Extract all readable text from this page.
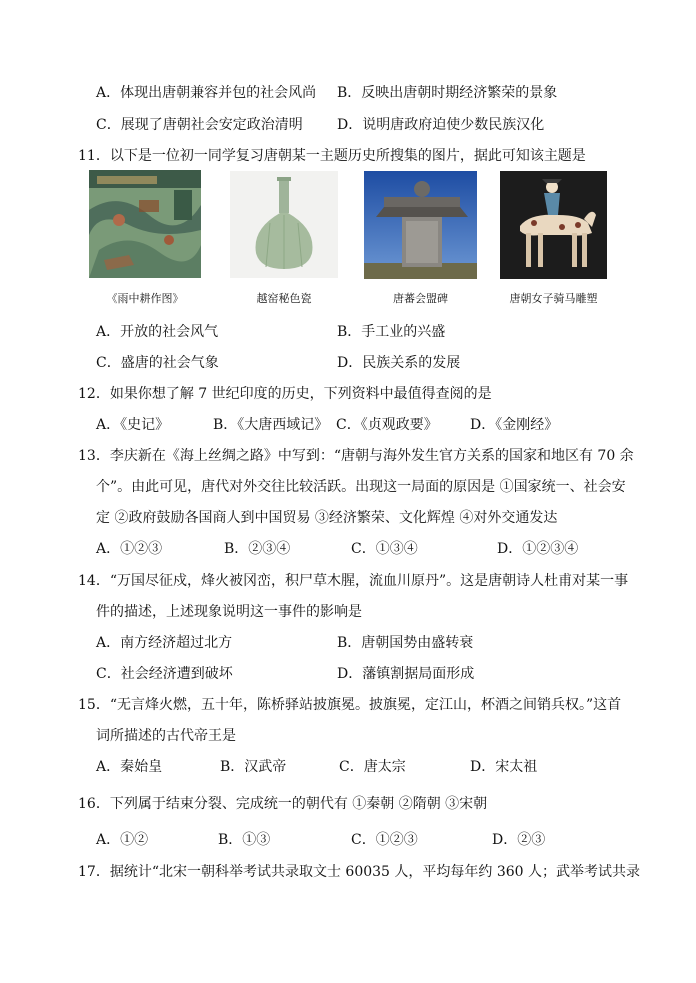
A．体现出唐朝兼容并包的社会风尚 B．反映出唐朝时期经济繁荣的景象
C．展现了唐朝社会安定政治清明 D．说明唐政府迫使少数民族汉化
11．以下是一位初一同学复习唐朝某一主题历史所搜集的图片，据此可知该主题是
《雨中耕作图》	越窑秘色瓷	唐蕃会盟碑	唐朝女子骑马雕塑
A．开放的社会风气	B．手工业的兴盛
C．盛唐的社会气象	D．民族关系的发展
12．如果你想了解 7 世纪印度的历史，下列资料中最值得查阅的是
A．《史记》	B．《大唐西域记》 C．《贞观政要》 D．《金刚经》
13．李庆新在《海上丝绸之路》中写到：“唐朝与海外发生官方关系的国家和地区有 70 余
个”。由此可见，唐代对外交往比较活跃。出现这一局面的原因是 ①国家统一、社会安
定 ②政府鼓励各国商人到中国贸易 ③经济繁荣、文化辉煌 ④对外交通发达
A．①②③	B．②③④	C．①③④	D．①②③④
14．“万国尽征戍，烽火被冈峦，积尸草木腥，流血川原丹”。这是唐朝诗人杜甫对某一事
件的描述，上述现象说明这一事件的影响是
A．南方经济超过北方	B．唐朝国势由盛转衰
C．社会经济遭到破坏	D．藩镇割据局面形成
15．“无言烽火燃，五十年，陈桥驿站披旗冕。披旗冕，定江山，杯酒之间销兵权。”这首
词所描述的古代帝王是
A．秦始皇	B．汉武帝	C．唐太宗	D．宋太祖
16．下列属于结束分裂、完成统一的朝代有 ①秦朝 ②隋朝 ③宋朝
A．①②	B．①③	C．①②③	D．②③
17．据统计“北宋一朝科举考试共录取文士 60035 人，平均每年约 360 人；武举考试共录
